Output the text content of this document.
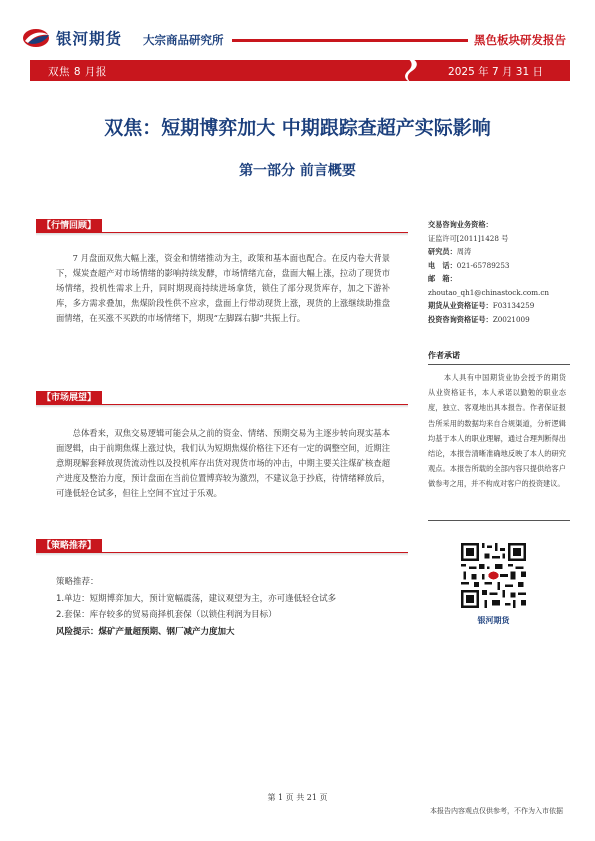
银河期货 大宗商品研究所	黑色板块研发报告
双焦 8 月报	2025 年 7 月 31 日
双焦：短期博弈加大 中期跟踪查超产实际影响
第一部分 前言概要
【行情回顾】
7 月盘面双焦大幅上涨，资金和情绪推动为主，政策和基本面也配合。在反内卷大背景下，煤炭查超产对市场情绪的影响持续发酵，市场情绪亢奋，盘面大幅上涨，拉动了现货市场情绪，投机性需求上升，同时期现商持续进场拿货，锁住了部分现货库存，加之下游补库，多方需求叠加，焦煤阶段性供不应求，盘面上行带动现货上涨，现货的上涨继续助推盘面情绪，在买涨不买跌的市场情绪下，期现“左脚踩右脚”共振上行。
【市场展望】
总体看来，双焦交易逻辑可能会从之前的资金、情绪、预期交易为主逐步转向现实基本面逻辑，由于前期焦煤上涨过快，我们认为短期焦煤价格往下还有一定的调整空间，近期注意期现解套释放现货流动性以及投机库存出货对现货市场的冲击，中期主要关注煤矿核查超产进度及整治力度，预计盘面在当前位置博弈较为激烈，不建议急于抄底，待情绪释放后，可逢低轻仓试多，但往上空间不宜过于乐观。
【策略推荐】
策略推荐：
1.单边：短期博弈加大，预计宽幅震荡，建议观望为主，亦可逢低轻仓试多
2.套保：库存较多的贸易商择机套保（以锁住利润为目标）
风险提示：煤矿产量超预期、钢厂减产力度加大
交易咨询业务资格：
证监许可[2011]1428 号
研究员：周涛
电　话：021-65789253
邮　箱：
zhoutao_qh1@chinastock.com.cn
期货从业资格证号：F03134259
投资咨询资格证号：Z0021009
作者承诺
本人具有中国期货业协会授予的期货从业资格证书，本人承诺以勤勉的职业态度，独立、客观地出具本报告。作者保证报告所采用的数据均来自合规渠道，分析逻辑均基于本人的职业理解，通过合理判断得出结论，本报告清晰准确地反映了本人的研究观点。本报告所载的全部内容只提供给客户做参考之用，并不构成对客户的投资建议。
银河期货
第 1 页 共 21 页
本报告内容观点仅供参考，不作为入市依据
